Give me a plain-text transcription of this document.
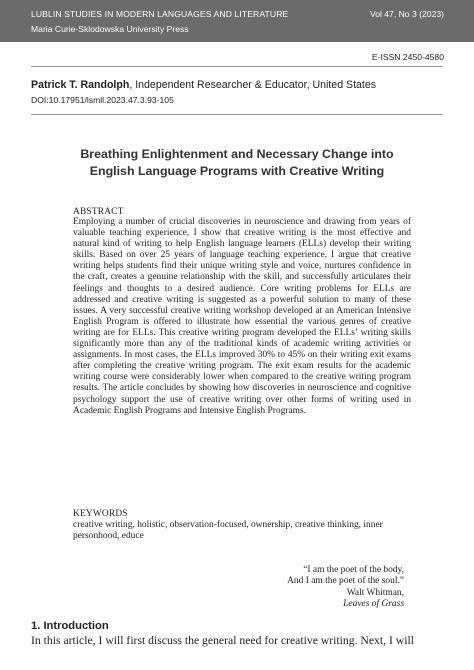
LUBLIN STUDIES IN MODERN LANGUAGES AND LITERATURE
Maria Curie-Sklodowska University Press
Vol 47, No 3 (2023)
E-ISSN 2450-4580
Patrick T. Randolph, Independent Researcher & Educator, United States
DOI:10.17951/lsmll.2023.47.3.93-105
Breathing Enlightenment and Necessary Change into
English Language Programs with Creative Writing
ABSTRACT
Employing a number of crucial discoveries in neuroscience and drawing from years of valuable teaching experience, I show that creative writing is the most effective and natural kind of writing to help English language learners (ELLs) develop their writing skills. Based on over 25 years of language teaching experience, I argue that creative writing helps students find their unique writing style and voice, nurtures confidence in the craft, creates a genuine relationship with the skill, and successfully articulates their feelings and thoughts to a desired audience. Core writing problems for ELLs are addressed and creative writing is suggested as a powerful solution to many of these issues. A very successful creative writing workshop developed at an American Intensive English Program is offered to illustrate how essential the various genres of creative writing are for ELLs. This creative writing program developed the ELLs’ writing skills significantly more than any of the traditional kinds of academic writing activities or assignments. In most cases, the ELLs improved 30% to 45% on their writing exit exams after completing the creative writing program. The exit exam results for the academic writing course were considerably lower when compared to the creative writing program results. The article concludes by showing how discoveries in neuroscience and cognitive psychology support the use of creative writing over other forms of writing used in Academic English Programs and Intensive English Programs.
KEYWORDS
creative writing, holistic, observation-focused, ownership, creative thinking, inner personhood, educe
“I am the poet of the body,
And I am the poet of the soul.”
Walt Whitman,
Leaves of Grass
1. Introduction
In this article, I will first discuss the general need for creative writing. Next, I will
